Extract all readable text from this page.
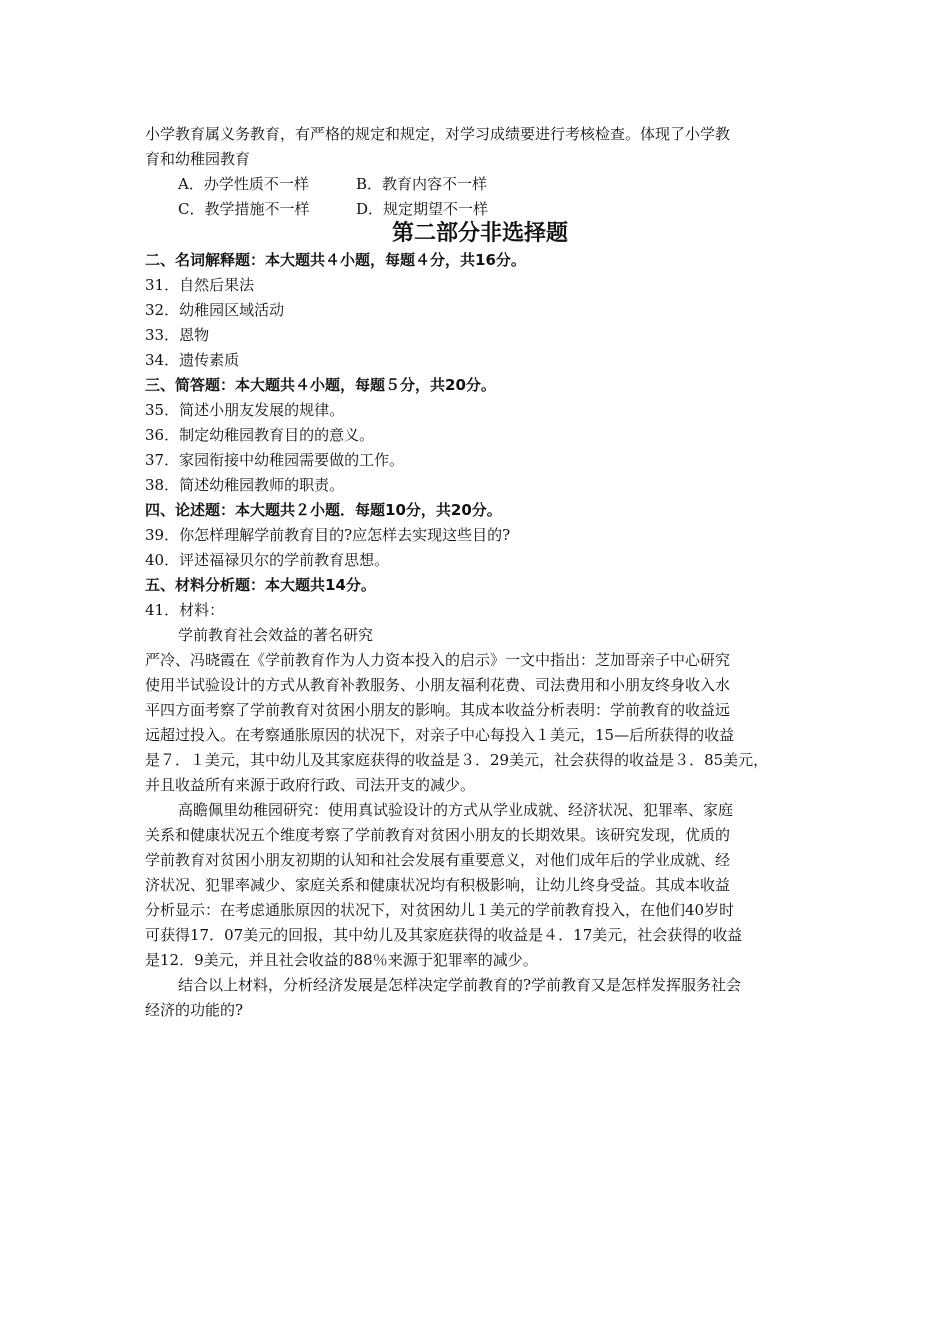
小学教育属义务教育，有严格的规定和规定，对学习成绩要进行考核检查。体现了小学教
育和幼稚园教育
A．办学性质不一样	B．教育内容不一样
C．教学措施不一样	D．规定期望不一样
第二部分非选择题
二、名词解释题：本大题共４小题，每题４分，共16分。
31．自然后果法
32．幼稚园区域活动
33．恩物
34．遗传素质
三、简答题：本大题共４小题，每题５分，共20分。
35．简述小朋友发展的规律。
36．制定幼稚园教育目的的意义。
37．家园衔接中幼稚园需要做的工作。
38．简述幼稚园教师的职责。
四、论述题：本大题共２小题．每题10分，共20分。
39．你怎样理解学前教育目的?应怎样去实现这些目的?
40．评述福禄贝尔的学前教育思想。
五、材料分析题：本大题共14分。
41．材料：
学前教育社会效益的著名研究
严冷、冯晓霞在《学前教育作为人力资本投入的启示》一文中指出：芝加哥亲子中心研究
使用半试验设计的方式从教育补教服务、小朋友福利花费、司法费用和小朋友终身收入水
平四方面考察了学前教育对贫困小朋友的影响。其成本收益分析表明：学前教育的收益远
远超过投入。在考察通胀原因的状况下，对亲子中心每投入１美元，15—后所获得的收益
是７．１美元，其中幼儿及其家庭获得的收益是３．29美元，社会获得的收益是３．85美元，
并且收益所有来源于政府行政、司法开支的减少。
高瞻佩里幼稚园研究：使用真试验设计的方式从学业成就、经济状况、犯罪率、家庭
关系和健康状况五个维度考察了学前教育对贫困小朋友的长期效果。该研究发现，优质的
学前教育对贫困小朋友初期的认知和社会发展有重要意义，对他们成年后的学业成就、经
济状况、犯罪率减少、家庭关系和健康状况均有积极影响，让幼儿终身受益。其成本收益
分析显示：在考虑通胀原因的状况下，对贫困幼儿１美元的学前教育投入，在他们40岁时
可获得17．07美元的回报，其中幼儿及其家庭获得的收益是４．17美元，社会获得的收益
是12．9美元，并且社会收益的88％来源于犯罪率的减少。
结合以上材料，分析经济发展是怎样决定学前教育的?学前教育又是怎样发挥服务社会
经济的功能的?
